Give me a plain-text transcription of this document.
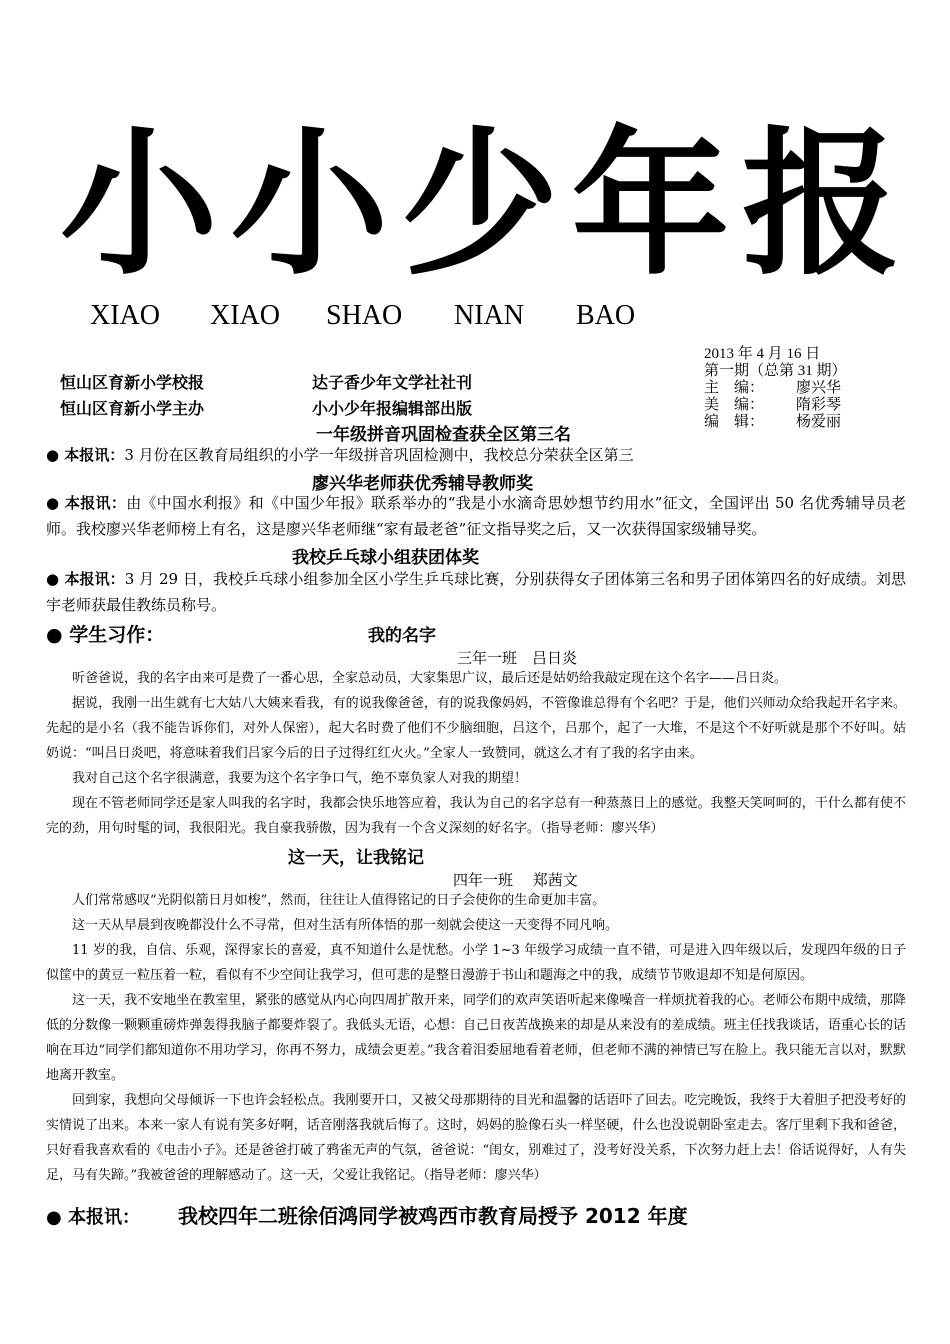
小 小 少 年 报
XIAO	XIAO	SHAO	NIAN	BAO
恒山区育新小学校报	达子香少年文学社社刊
恒山区育新小学主办	小小少年报编辑部出版
2013 年 4 月 16 日
第一期（总第 31 期）
主　编： 廖兴华
美　编： 隋彩琴
编　辑： 杨爱丽
一年级拼音巩固检查获全区第三名
● 本报讯：3 月份在区教育局组织的小学一年级拼音巩固检测中，我校总分荣获全区第三
廖兴华老师获优秀辅导教师奖
● 本报讯：由《中国水利报》和《中国少年报》联系举办的“我是小水滴奇思妙想节约用水”征文，全国评出 50 名优秀辅导员老师。我校廖兴华老师榜上有名，这是廖兴华老师继“家有最老爸”征文指导奖之后，又一次获得国家级辅导奖。
我校乒乓球小组获团体奖
● 本报讯：3 月 29 日，我校乒乓球小组参加全区小学生乒乓球比赛，分别获得女子团体第三名和男子团体第四名的好成绩。刘思宇老师获最佳教练员称号。
● 学生习作：	我的名字
三年一班　吕日炎

听爸爸说，我的名字由来可是费了一番心思，全家总动员，大家集思广议，最后还是姑奶给我敲定现在这个名字——吕日炎。

据说，我刚一出生就有七大姑八大姨来看我，有的说我像爸爸，有的说我像妈妈，不管像谁总得有个名吧？于是，他们兴师动众给我起开名字来。先起的是小名（我不能告诉你们，对外人保密），起大名时费了他们不少脑细胞，吕这个，吕那个，起了一大堆，不是这个不好听就是那个不好叫。姑奶说：“叫吕日炎吧，将意味着我们吕家今后的日子过得红红火火。”全家人一致赞同，就这么才有了我的名字由来。

我对自己这个名字很满意，我要为这个名字争口气，绝不辜负家人对我的期望！

现在不管老师同学还是家人叫我的名字时，我都会快乐地答应着，我认为自己的名字总有一种蒸蒸日上的感觉。我整天笑呵呵的，干什么都有使不完的劲，用句时髦的词，我很阳光。我自豪我骄傲，因为我有一个含义深刻的好名字。（指导老师：廖兴华）

这一天，让我铭记
四年一班　 郑茜文

人们常常感叹“光阴似箭日月如梭”，然而，往往让人值得铭记的日子会使你的生命更加丰富。

这一天从早晨到夜晚都没什么不寻常，但对生活有所体悟的那一刻就会使这一天变得不同凡响。

11 岁的我，自信、乐观，深得家长的喜爱，真不知道什么是忧愁。小学 1~3 年级学习成绩一直不错，可是进入四年级以后，发现四年级的日子似筐中的黄豆一粒压着一粒，看似有不少空间让我学习，但可悲的是整日漫游于书山和题海之中的我，成绩节节败退却不知是何原因。

这一天，我不安地坐在教室里，紧张的感觉从内心向四周扩散开来，同学们的欢声笑语听起来像噪音一样烦扰着我的心。老师公布期中成绩，那降低的分数像一颗颗重磅炸弹轰得我脑子都要炸裂了。我低头无语，心想：自己日夜苦战换来的却是从来没有的差成绩。班主任找我谈话，语重心长的话响在耳边“同学们都知道你不用功学习，你再不努力，成绩会更差。”我含着泪委屈地看着老师，但老师不满的神情已写在脸上。我只能无言以对，默默地离开教室。

回到家，我想向父母倾诉一下也许会轻松点。我刚要开口，又被父母那期待的目光和温馨的话语吓了回去。吃完晚饭，我终于大着胆子把没考好的实情说了出来。本来一家人有说有笑多好啊，话音刚落我就后悔了。这时，妈妈的脸像石头一样坚硬，什么也没说朝卧室走去。客厅里剩下我和爸爸，只好看我喜欢看的《电击小子》。还是爸爸打破了鸦雀无声的气氛，爸爸说：“闺女，别难过了，没考好没关系，下次努力赶上去！俗话说得好，人有失足，马有失蹄。”我被爸爸的理解感动了。这一天，父爱让我铭记。（指导老师：廖兴华）

● 本报讯： 我校四年二班徐佰鸿同学被鸡西市教育局授予 2012 年度
